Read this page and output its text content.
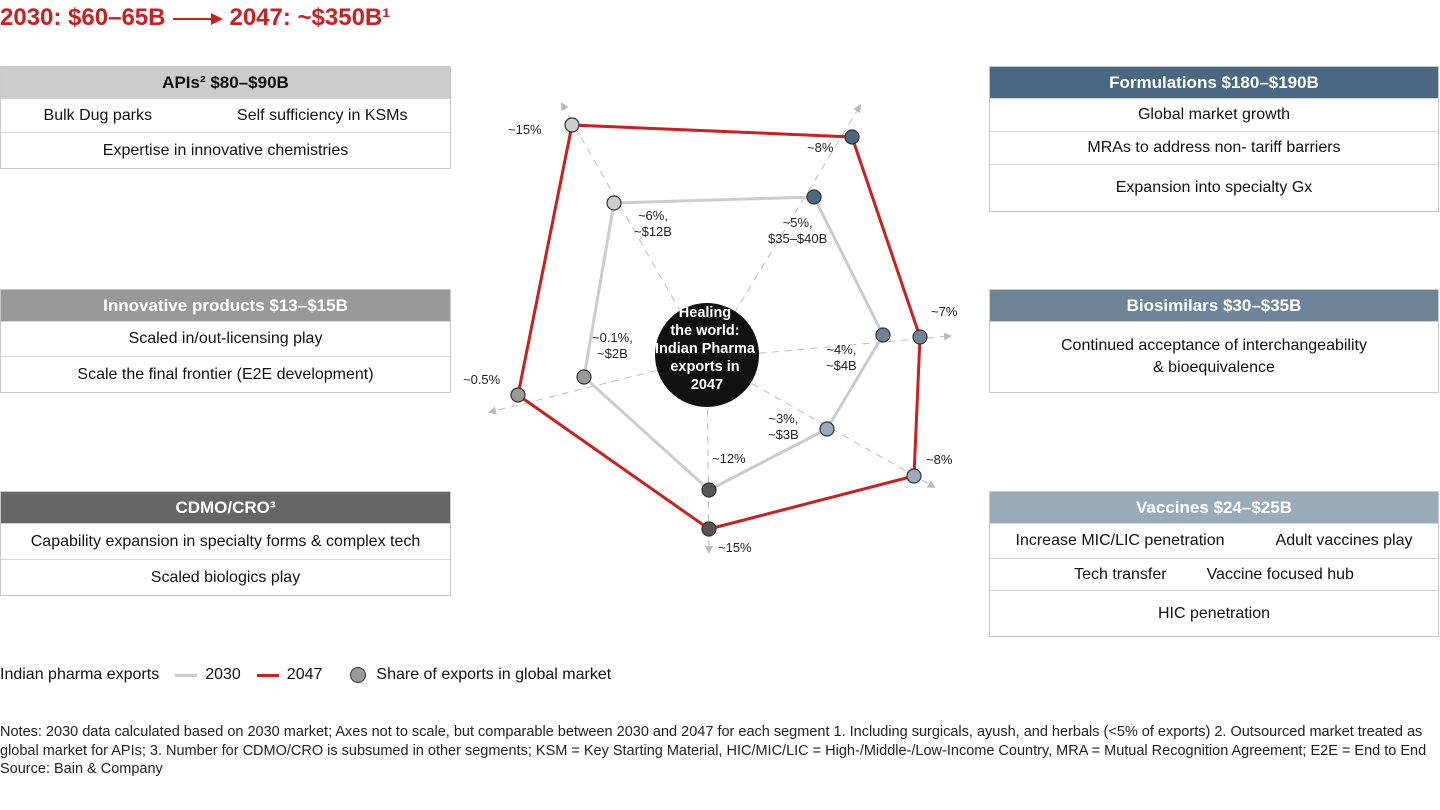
2030: $60–65B	2047: ~$350B¹
Healing the world: Indian Pharma exports in 2047
~15%
~8%
~7%
~8%
~15%
~0.5%
~6%,
~$12B
~5%,
$35–$40B
~4%,
~$4B
~3%,
~$3B
~12%
~0.1%,
~$2B
APIs² $80–$90B
Bulk Dug parks	Self sufficiency in KSMs
Expertise in innovative chemistries
Innovative products $13–$15B
Scaled in/out-licensing play
Scale the final frontier (E2E development)
CDMO/CRO³
Capability expansion in specialty forms & complex tech
Scaled biologics play
Formulations $180–$190B
Global market growth
MRAs to address non- tariff barriers
Expansion into specialty Gx
Biosimilars $30–$35B
Continued acceptance of interchangeability
& bioequivalence
Vaccines $24–$25B
Increase MIC/LIC penetration	Adult vaccines play
Tech transfer	Vaccine focused hub
HIC penetration
Indian pharma exports	2030	2047	Share of exports in global market
Notes: 2030 data calculated based on 2030 market; Axes not to scale, but comparable between 2030 and 2047 for each segment 1. Including surgicals, ayush, and herbals (<5% of exports) 2. Outsourced market treated as global market for APIs; 3. Number for CDMO/CRO is subsumed in other segments; KSM = Key Starting Material, HIC/MIC/LIC = High-/Middle-/Low-Income Country, MRA = Mutual Recognition Agreement; E2E = End to End
Source: Bain & Company
